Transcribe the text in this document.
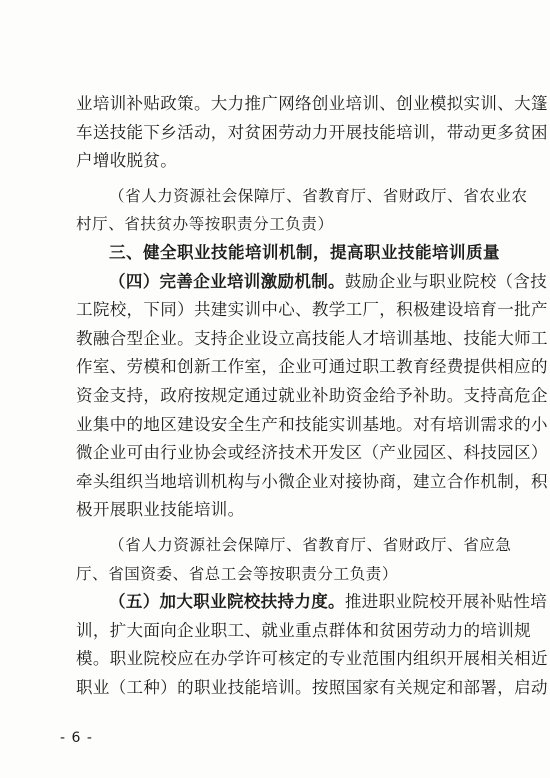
业培训补贴政策。大力推广网络创业培训、创业模拟实训、大篷
车送技能下乡活动，对贫困劳动力开展技能培训，带动更多贫困
户增收脱贫。
（省人力资源社会保障厅、省教育厅、省财政厅、省农业农
村厅、省扶贫办等按职责分工负责）
三、健全职业技能培训机制，提高职业技能培训质量
（四）完善企业培训激励机制。鼓励企业与职业院校（含技
工院校，下同）共建实训中心、教学工厂，积极建设培育一批产
教融合型企业。支持企业设立高技能人才培训基地、技能大师工
作室、劳模和创新工作室，企业可通过职工教育经费提供相应的
资金支持，政府按规定通过就业补助资金给予补助。支持高危企
业集中的地区建设安全生产和技能实训基地。对有培训需求的小
微企业可由行业协会或经济技术开发区（产业园区、科技园区）
牵头组织当地培训机构与小微企业对接协商，建立合作机制，积
极开展职业技能培训。
（省人力资源社会保障厅、省教育厅、省财政厅、省应急
厅、省国资委、省总工会等按职责分工负责）
（五）加大职业院校扶持力度。推进职业院校开展补贴性培
训，扩大面向企业职工、就业重点群体和贫困劳动力的培训规
模。职业院校应在办学许可核定的专业范围内组织开展相关相近
职业（工种）的职业技能培训。按照国家有关规定和部署，启动
- 6 -
